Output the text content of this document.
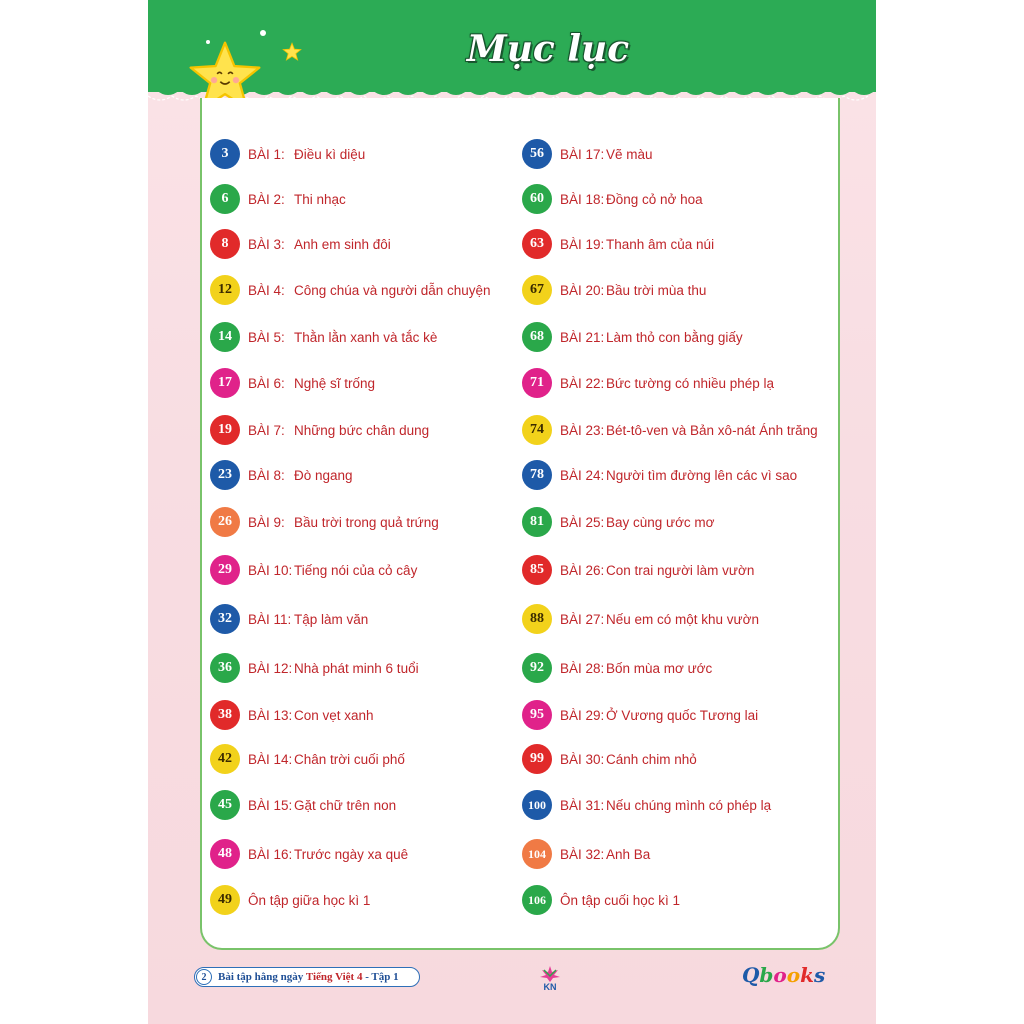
Mục lục
3	BÀI 1: Điều kì diệu
6	BÀI 2: Thi nhạc
8	BÀI 3: Anh em sinh đôi
12	BÀI 4: Công chúa và người dẫn chuyện
14	BÀI 5: Thằn lằn xanh và tắc kè
17	BÀI 6: Nghệ sĩ trống
19	BÀI 7: Những bức chân dung
23	BÀI 8: Đò ngang
26	BÀI 9: Bầu trời trong quả trứng
29	BÀI 10: Tiếng nói của cỏ cây
32	BÀI 11: Tập làm văn
36	BÀI 12: Nhà phát minh 6 tuổi
38	BÀI 13: Con vẹt xanh
42	BÀI 14: Chân trời cuối phố
45	BÀI 15: Gặt chữ trên non
48	BÀI 16: Trước ngày xa quê
49	Ôn tập giữa học kì 1
56	BÀI 17: Vẽ màu
60	BÀI 18: Đồng cỏ nở hoa
63	BÀI 19: Thanh âm của núi
67	BÀI 20: Bầu trời mùa thu
68	BÀI 21: Làm thỏ con bằng giấy
71	BÀI 22: Bức tường có nhiều phép lạ
74	BÀI 23: Bét-tô-ven và Bản xô-nát Ánh trăng
78	BÀI 24: Người tìm đường lên các vì sao
81	BÀI 25: Bay cùng ước mơ
85	BÀI 26: Con trai người làm vườn
88	BÀI 27: Nếu em có một khu vườn
92	BÀI 28: Bốn mùa mơ ước
95	BÀI 29: Ở Vương quốc Tương lai
99	BÀI 30: Cánh chim nhỏ
100	BÀI 31: Nếu chúng mình có phép lạ
104	BÀI 32: Anh Ba
106	Ôn tập cuối học kì 1
2	Bài tập hằng ngày Tiếng Việt 4 - Tập 1
KN	Qbooks
